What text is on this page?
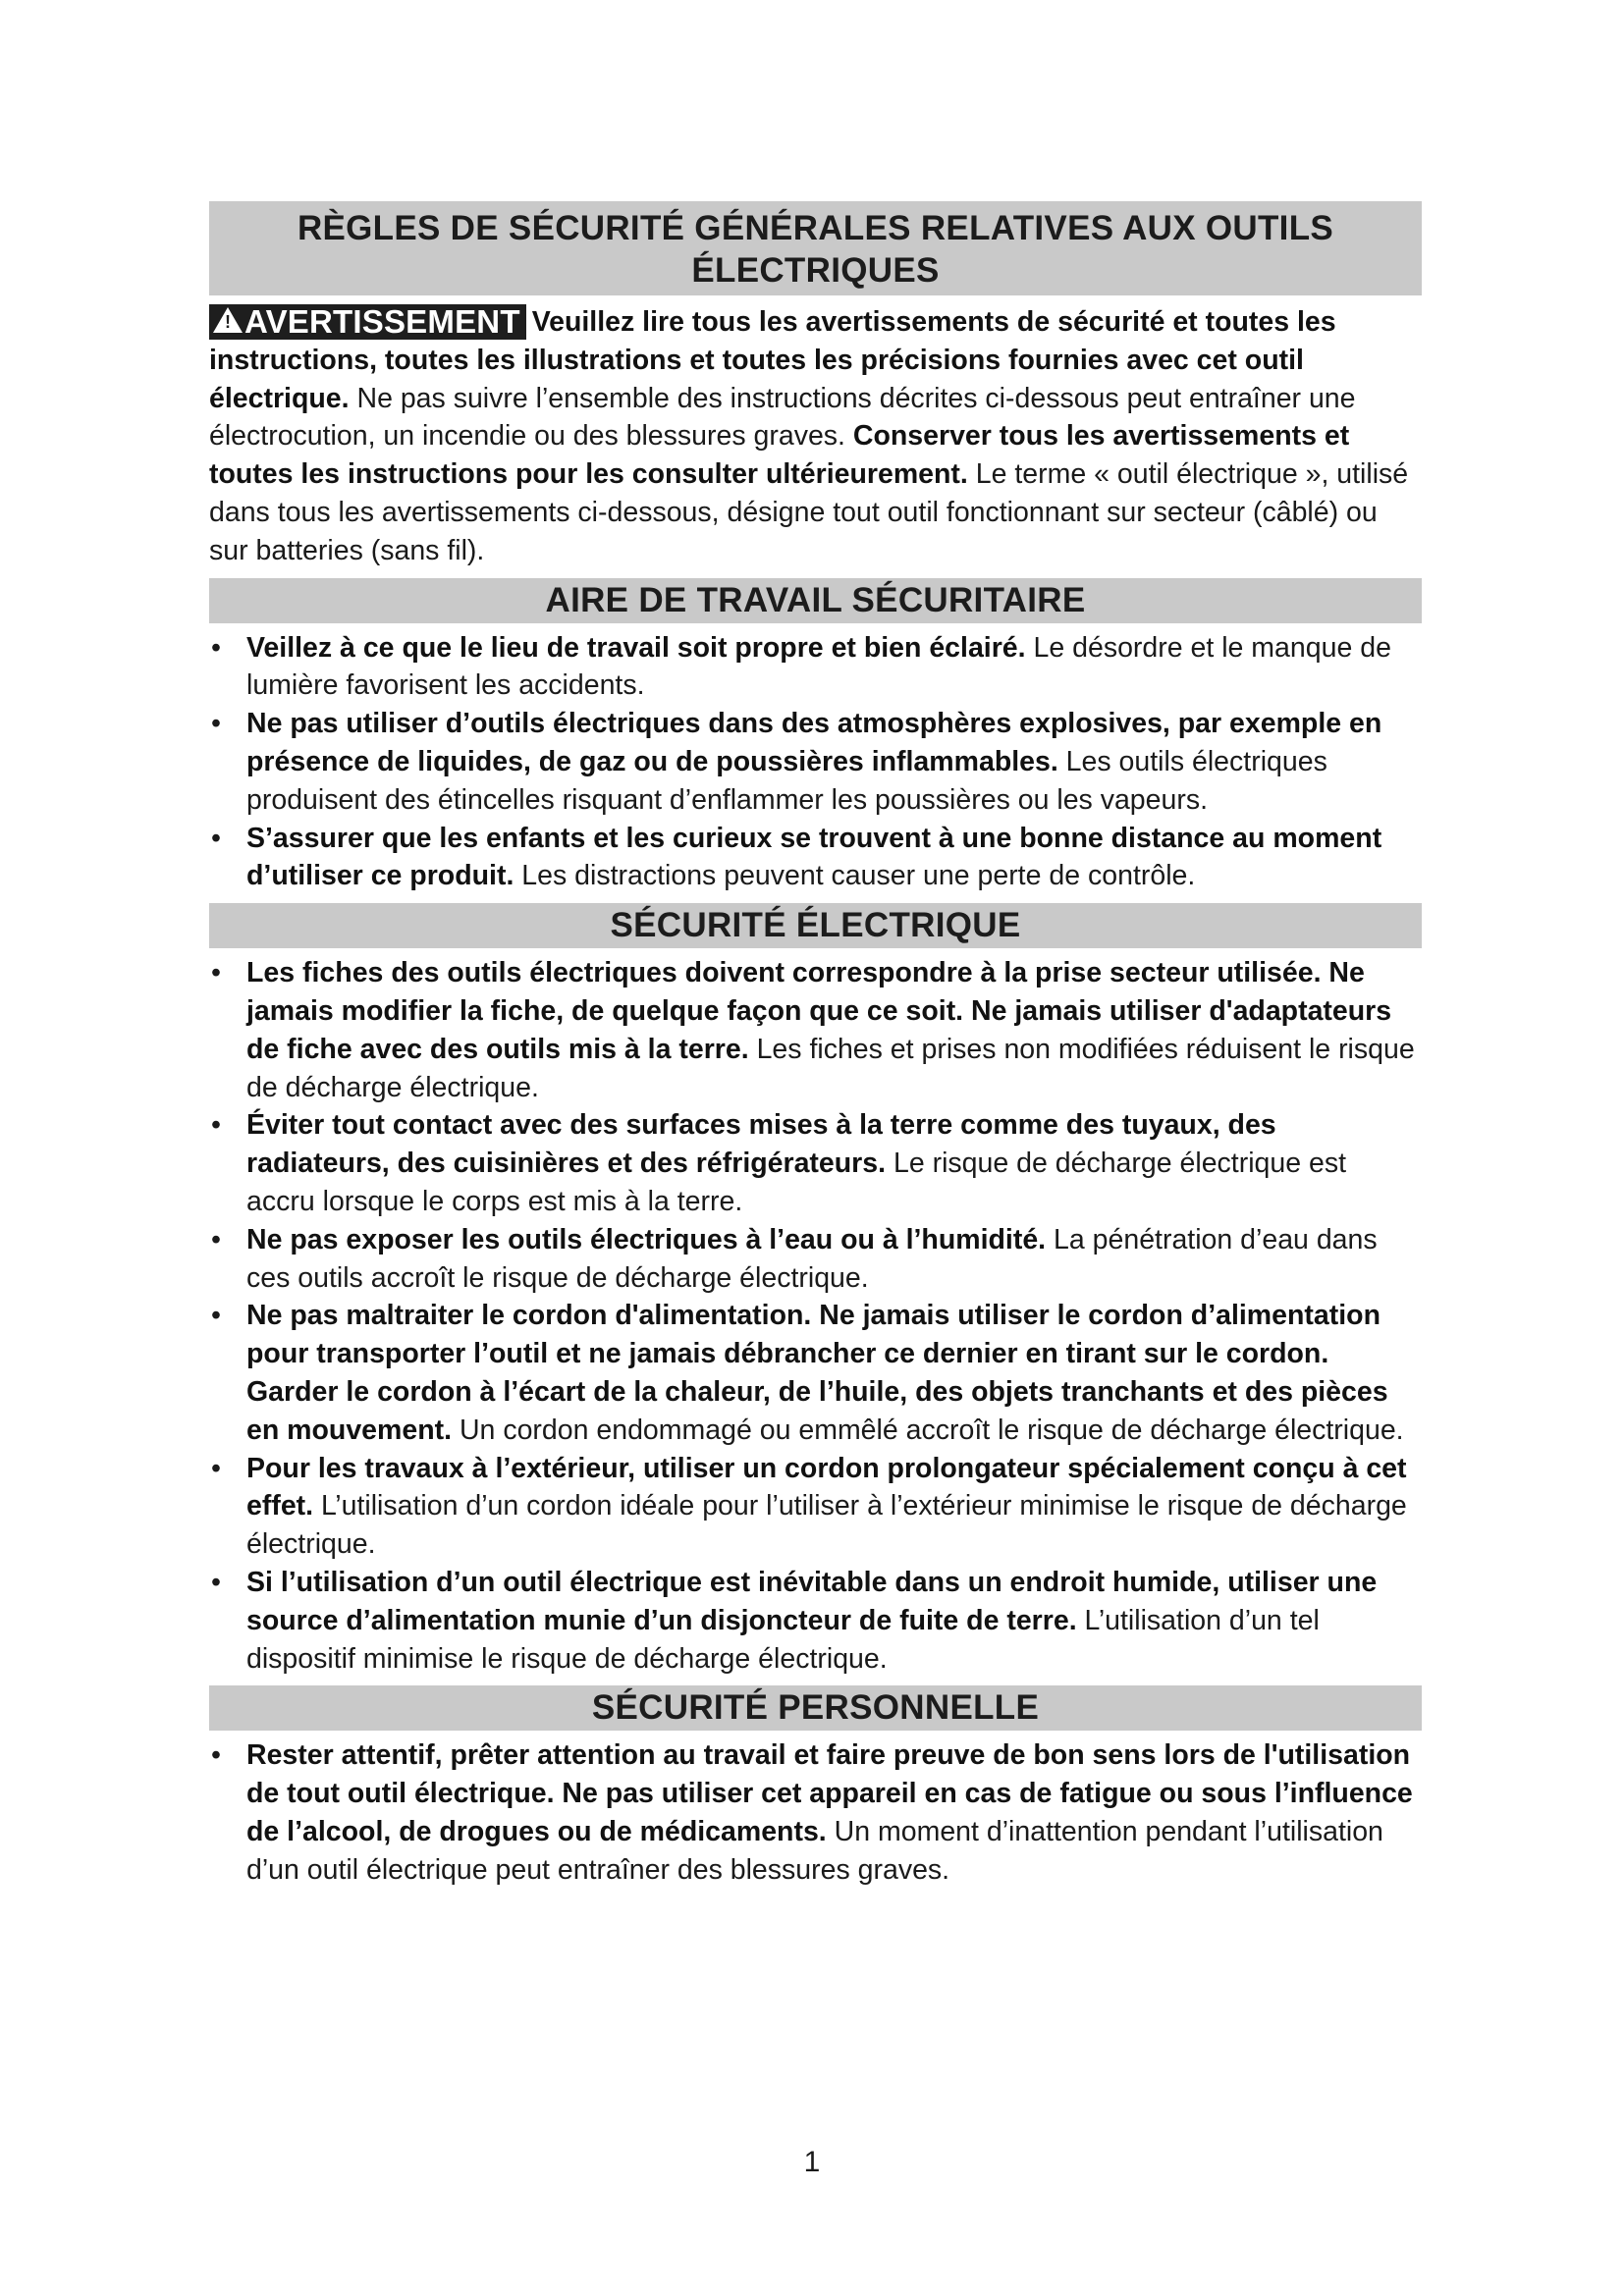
RÈGLES DE SÉCURITÉ GÉNÉRALES RELATIVES AUX OUTILS ÉLECTRIQUES

! AVERTISSEMENT Veuillez lire tous les avertissements de sécurité et toutes les instructions, toutes les illustrations et toutes les précisions fournies avec cet outil électrique. Ne pas suivre l’ensemble des instructions décrites ci-dessous peut entraîner une électrocution, un incendie ou des blessures graves. Conserver tous les avertissements et toutes les instructions pour les consulter ultérieurement. Le terme « outil électrique », utilisé dans tous les avertissements ci-dessous, désigne tout outil fonctionnant sur secteur (câblé) ou sur batteries (sans fil).

AIRE DE TRAVAIL SÉCURITAIRE
• Veillez à ce que le lieu de travail soit propre et bien éclairé. Le désordre et le manque de lumière favorisent les accidents.
• Ne pas utiliser d’outils électriques dans des atmosphères explosives, par exemple en présence de liquides, de gaz ou de poussières inflammables. Les outils électriques produisent des étincelles risquant d’enflammer les poussières ou les vapeurs.
• S’assurer que les enfants et les curieux se trouvent à une bonne distance au moment d’utiliser ce produit. Les distractions peuvent causer une perte de contrôle.
SÉCURITÉ ÉLECTRIQUE
• Les fiches des outils électriques doivent correspondre à la prise secteur utilisée. Ne jamais modifier la fiche, de quelque façon que ce soit. Ne jamais utiliser d'adaptateurs de fiche avec des outils mis à la terre. Les fiches et prises non modifiées réduisent le risque de décharge électrique.
• Éviter tout contact avec des surfaces mises à la terre comme des tuyaux, des radiateurs, des cuisinières et des réfrigérateurs. Le risque de décharge électrique est accru lorsque le corps est mis à la terre.
• Ne pas exposer les outils électriques à l’eau ou à l’humidité. La pénétration d’eau dans ces outils accroît le risque de décharge électrique.
• Ne pas maltraiter le cordon d'alimentation. Ne jamais utiliser le cordon d’alimentation pour transporter l’outil et ne jamais débrancher ce dernier en tirant sur le cordon. Garder le cordon à l’écart de la chaleur, de l’huile, des objets tranchants et des pièces en mouvement. Un cordon endommagé ou emmêlé accroît le risque de décharge électrique.
• Pour les travaux à l’extérieur, utiliser un cordon prolongateur spécialement conçu à cet effet. L’utilisation d’un cordon idéale pour l’utiliser à l’extérieur minimise le risque de décharge électrique.
• Si l’utilisation d’un outil électrique est inévitable dans un endroit humide, utiliser une source d’alimentation munie d’un disjoncteur de fuite de terre. L’utilisation d’un tel dispositif minimise le risque de décharge électrique.
SÉCURITÉ PERSONNELLE
• Rester attentif, prêter attention au travail et faire preuve de bon sens lors de l'utilisation de tout outil électrique. Ne pas utiliser cet appareil en cas de fatigue ou sous l’influence de l’alcool, de drogues ou de médicaments. Un moment d’inattention pendant l’utilisation d’un outil électrique peut entraîner des blessures graves.
1
